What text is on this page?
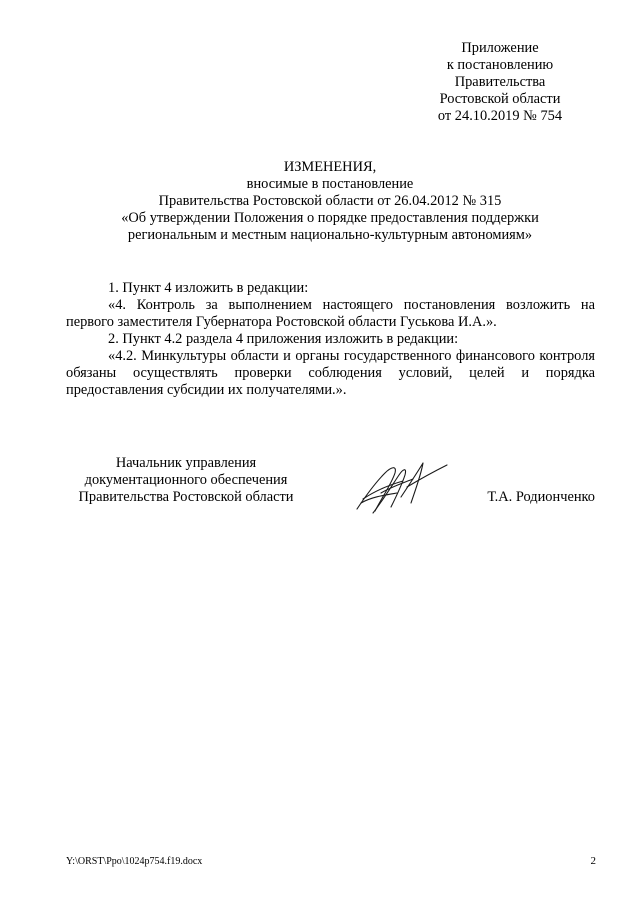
Приложение
к постановлению
Правительства
Ростовской области
от 24.10.2019 № 754
ИЗМЕНЕНИЯ,
вносимые в постановление
Правительства Ростовской области от 26.04.2012 № 315
«Об утверждении Положения о порядке предоставления поддержки
региональным и местным национально-культурным автономиям»

1. Пункт 4 изложить в редакции:

«4. Контроль за выполнением настоящего постановления возложить на первого заместителя Губернатора Ростовской области Гуськова И.А.».

2. Пункт 4.2 раздела 4 приложения изложить в редакции:

«4.2. Минкультуры области и органы государственного финансового контроля обязаны осуществлять проверки соблюдения условий, целей и порядка предоставления субсидии их получателями.».

Начальник управления
документационного обеспечения
Правительства Ростовской области	Т.А. Родионченко
Y:\ORST\Ppo\1024p754.f19.docx	2
